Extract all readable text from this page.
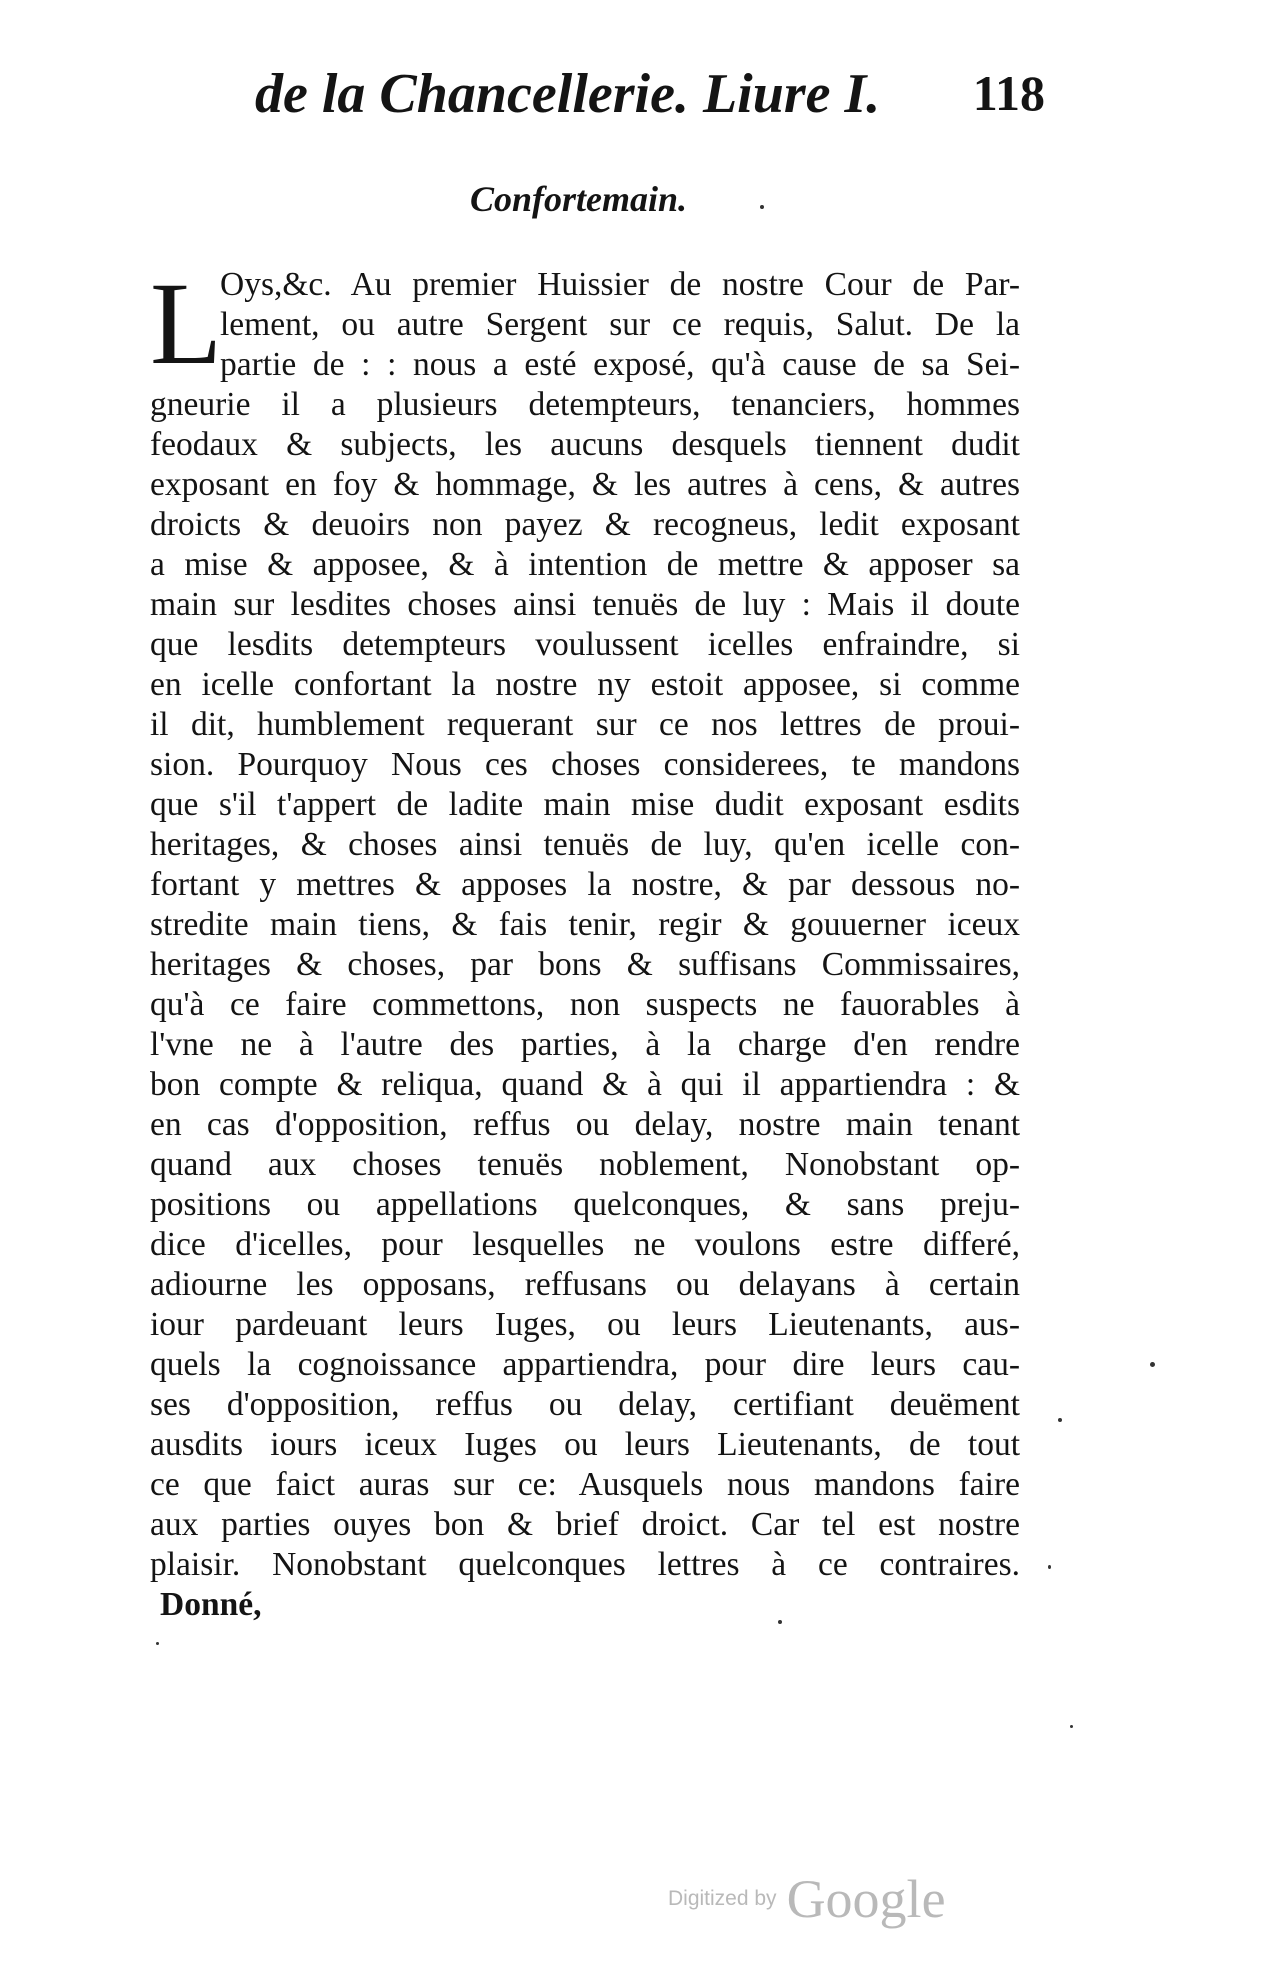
de la Chancellerie. Liure I. 118
Confortemain.
L
Oys,&c. Au premier Huissier de nostre Cour de Par-
lement, ou autre Sergent sur ce requis, Salut. De la
partie de : : nous a esté exposé, qu'à cause de sa Sei-
gneurie il a plusieurs detempteurs, tenanciers, hommes
feodaux & subjects, les aucuns desquels tiennent dudit
exposant en foy & hommage, & les autres à cens, & autres
droicts & deuoirs non payez & recogneus, ledit exposant
a mise & apposee, & à intention de mettre & apposer sa
main sur lesdites choses ainsi tenuës de luy : Mais il doute
que lesdits detempteurs voulussent icelles enfraindre, si
en icelle confortant la nostre ny estoit apposee, si comme
il dit, humblement requerant sur ce nos lettres de proui-
sion. Pourquoy Nous ces choses considerees, te mandons
que s'il t'appert de ladite main mise dudit exposant esdits
heritages, & choses ainsi tenuës de luy, qu'en icelle con-
fortant y mettres & apposes la nostre, & par dessous no-
stredite main tiens, & fais tenir, regir & gouuerner iceux
heritages & choses, par bons & suffisans Commissaires,
qu'à ce faire commettons, non suspects ne fauorables à
l'vne ne à l'autre des parties, à la charge d'en rendre
bon compte & reliqua, quand & à qui il appartiendra : &
en cas d'opposition, reffus ou delay, nostre main tenant
quand aux choses tenuës noblement, Nonobstant op-
positions ou appellations quelconques, & sans preju-
dice d'icelles, pour lesquelles ne voulons estre differé,
adiourne les opposans, reffusans ou delayans à certain
iour pardeuant leurs Iuges, ou leurs Lieutenants, aus-
quels la cognoissance appartiendra, pour dire leurs cau-
ses d'opposition, reffus ou delay, certifiant deuëment
ausdits iours iceux Iuges ou leurs Lieutenants, de tout
ce que faict auras sur ce: Ausquels nous mandons faire
aux parties ouyes bon & brief droict. Car tel est nostre
plaisir. Nonobstant quelconques lettres à ce contraires.
Donné,
Digitized by Google
